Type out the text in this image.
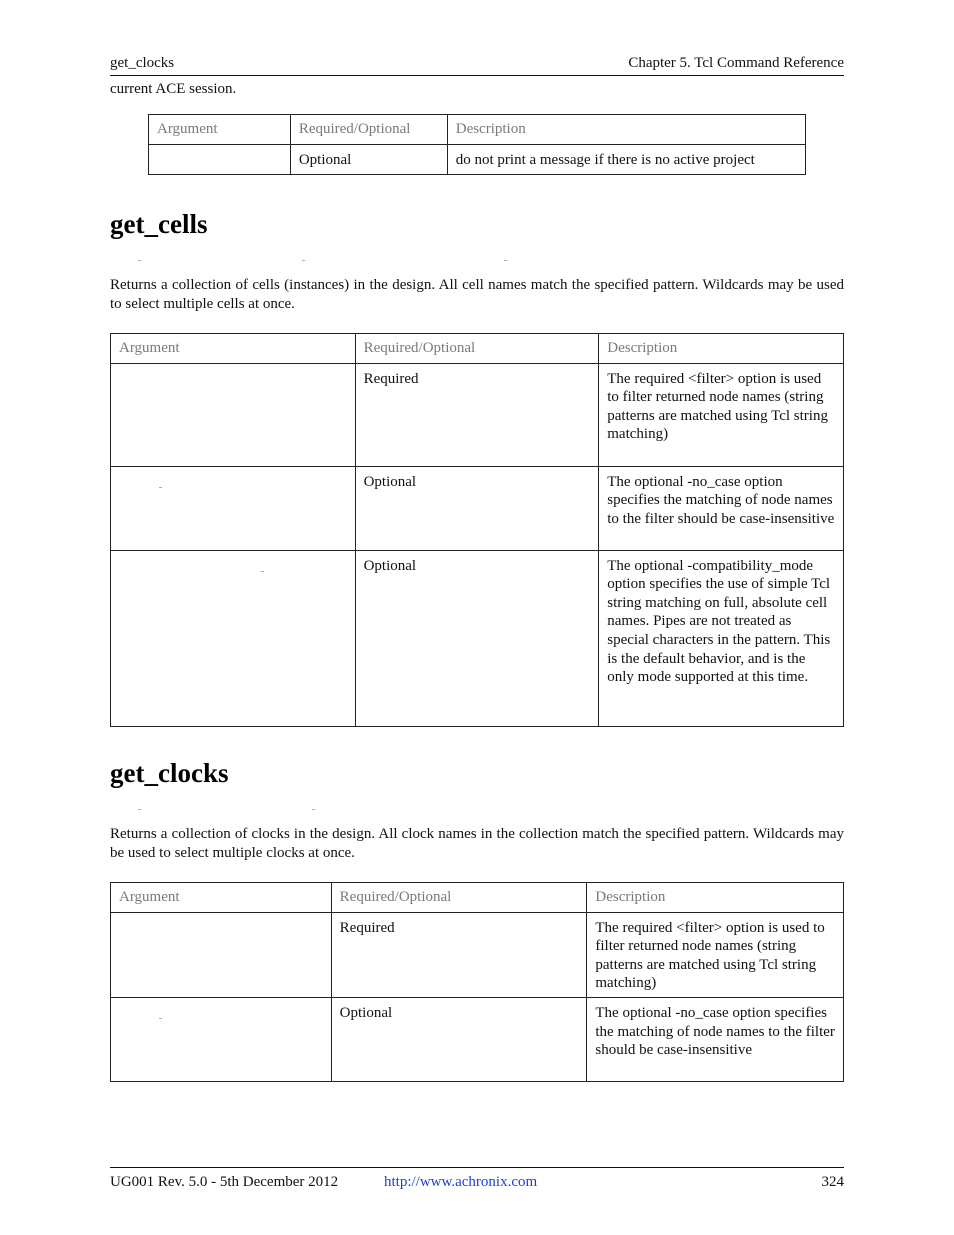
get_clocks	Chapter 5. Tcl Command Reference
current ACE session.
Argument	Required/Optional	Description
	Optional	do not print a message if there is no active project
get_cells
_	_	_
Returns a collection of cells (instances) in the design. All cell names match the specified pattern. Wildcards may be used to select multiple cells at once.
Argument	Required/Optional	Description
	Required	The required <filter> option is used to filter returned node names (string patterns are matched using Tcl string matching)

_	Optional	The optional -no_case option specifies the matching of node names to the filter should be case-insensitive

_	Optional	The optional -compatibility_mode option specifies the use of simple Tcl string matching on full, absolute cell names. Pipes are not treated as special characters in the pattern. This is the default behavior, and is the only mode supported at this time.
get_clocks
_	_
Returns a collection of clocks in the design. All clock names in the collection match the specified pattern. Wildcards may be used to select multiple clocks at once.
Argument	Required/Optional	Description
	Required	The required <filter> option is used to filter returned node names (string patterns are matched using Tcl string matching)

_	Optional	The optional -no_case option specifies the matching of node names to the filter should be case-insensitive
UG001 Rev. 5.0 - 5th December 2012	http://www.achronix.com	324
